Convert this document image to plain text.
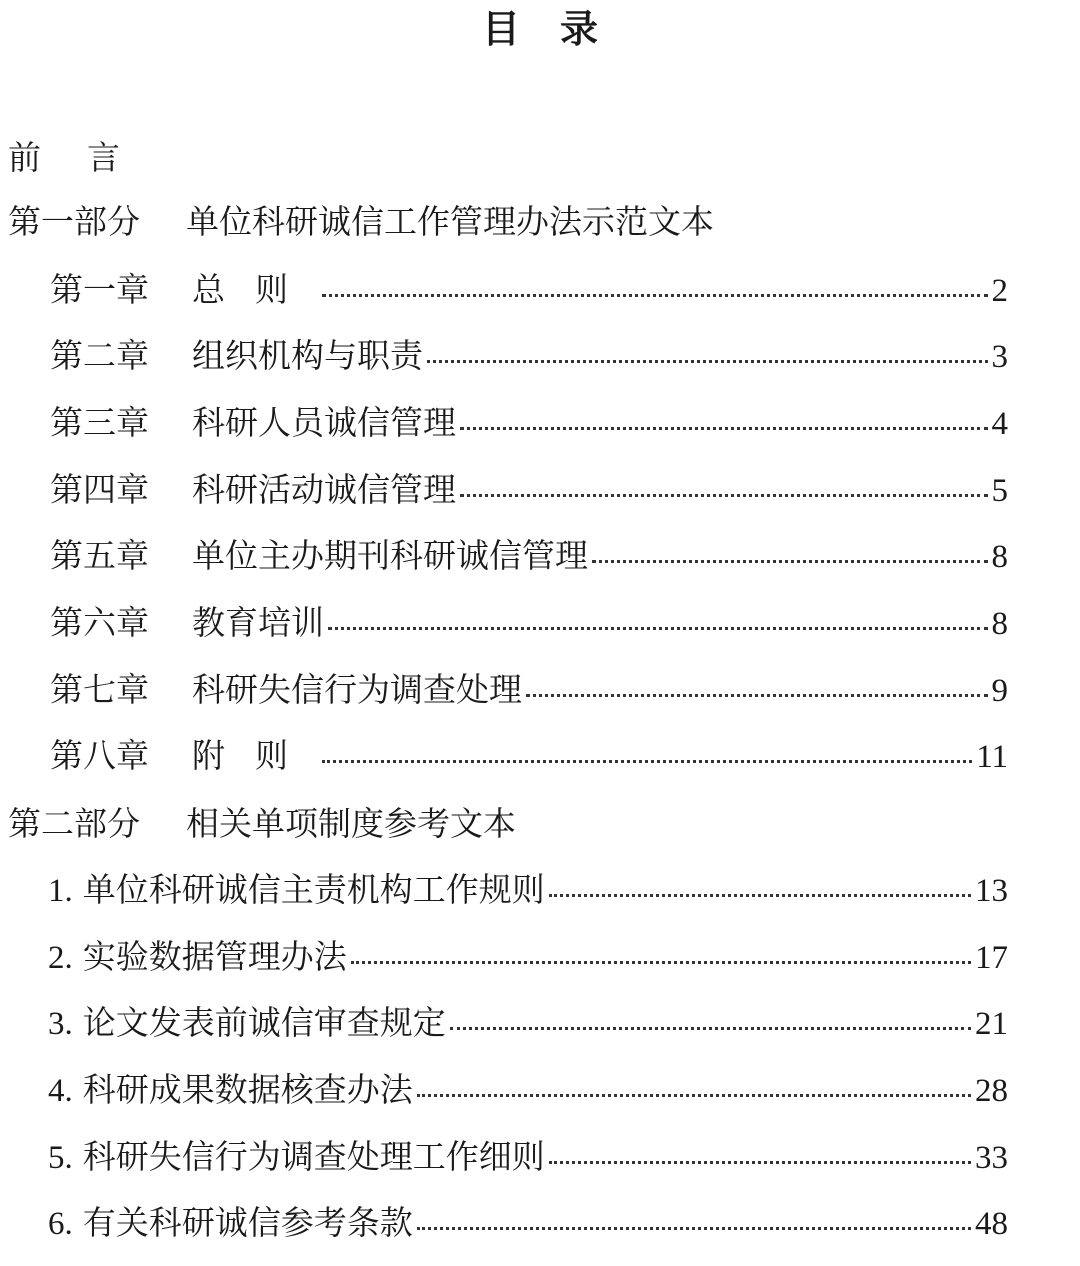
目录
前言
第一部分 单位科研诚信工作管理办法示范文本
第一章	总则	2
第二章	组织机构与职责	3
第三章	科研人员诚信管理	4
第四章	科研活动诚信管理	5
第五章	单位主办期刊科研诚信管理	8
第六章	教育培训	8
第七章	科研失信行为调查处理	9
第八章	附则	11
第二部分 相关单项制度参考文本
1. 单位科研诚信主责机构工作规则	13
2. 实验数据管理办法	17
3. 论文发表前诚信审查规定	21
4. 科研成果数据核查办法	28
5. 科研失信行为调查处理工作细则	33
6. 有关科研诚信参考条款	48
